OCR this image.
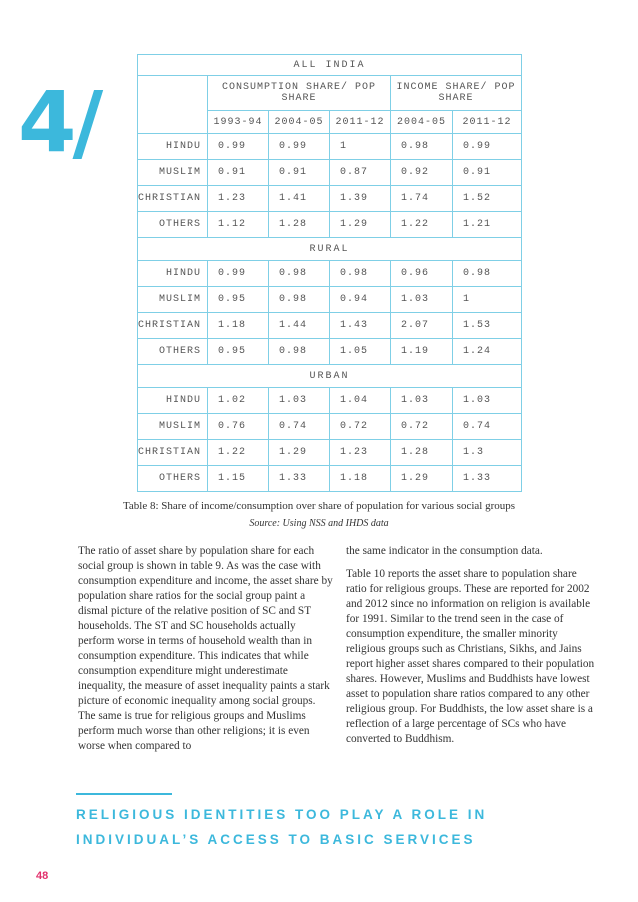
4/
ALL INDIA					
	CONSUMPTION SHARE/ POP SHARE			INCOME SHARE/ POP SHARE	
	1993-94	2004-05	2011-12	2004-05	2011-12
HINDU	0.99	0.99	1	0.98	0.99
MUSLIM	0.91	0.91	0.87	0.92	0.91
CHRISTIAN	1.23	1.41	1.39	1.74	1.52
OTHERS	1.12	1.28	1.29	1.22	1.21
RURAL					
HINDU	0.99	0.98	0.98	0.96	0.98
MUSLIM	0.95	0.98	0.94	1.03	1
CHRISTIAN	1.18	1.44	1.43	2.07	1.53
OTHERS	0.95	0.98	1.05	1.19	1.24
URBAN					
HINDU	1.02	1.03	1.04	1.03	1.03
MUSLIM	0.76	0.74	0.72	0.72	0.74
CHRISTIAN	1.22	1.29	1.23	1.28	1.3
OTHERS	1.15	1.33	1.18	1.29	1.33
Table 8: Share of income/consumption over share of population for various social groups
Source: Using NSS and IHDS data

The ratio of asset share by population share for each social group is shown in table 9. As was the case with consumption expenditure and income, the asset share by population share ratios for the social group paint a dismal picture of the relative position of SC and ST households. The ST and SC households actually perform worse in terms of household wealth than in consumption expenditure. This indicates that while consumption expenditure might underestimate inequality, the measure of asset inequality paints a stark picture of economic inequality among social groups. The same is true for religious groups and Muslims perform much worse than other religions; it is even worse when compared to

the same indicator in the consumption data.

Table 10 reports the asset share to population share ratio for religious groups. These are reported for 2002 and 2012 since no information on religion is available for 1991. Similar to the trend seen in the case of consumption expenditure, the smaller minority religious groups such as Christians, Sikhs, and Jains report higher asset shares compared to their population shares. However, Muslims and Buddhists have lowest asset to population share ratios compared to any other religious group. For Buddhists, the low asset share is a reflection of a large percentage of SCs who have converted to Buddhism.

RELIGIOUS IDENTITIES TOO PLAY A ROLE IN INDIVIDUAL’S ACCESS TO BASIC SERVICES
48
